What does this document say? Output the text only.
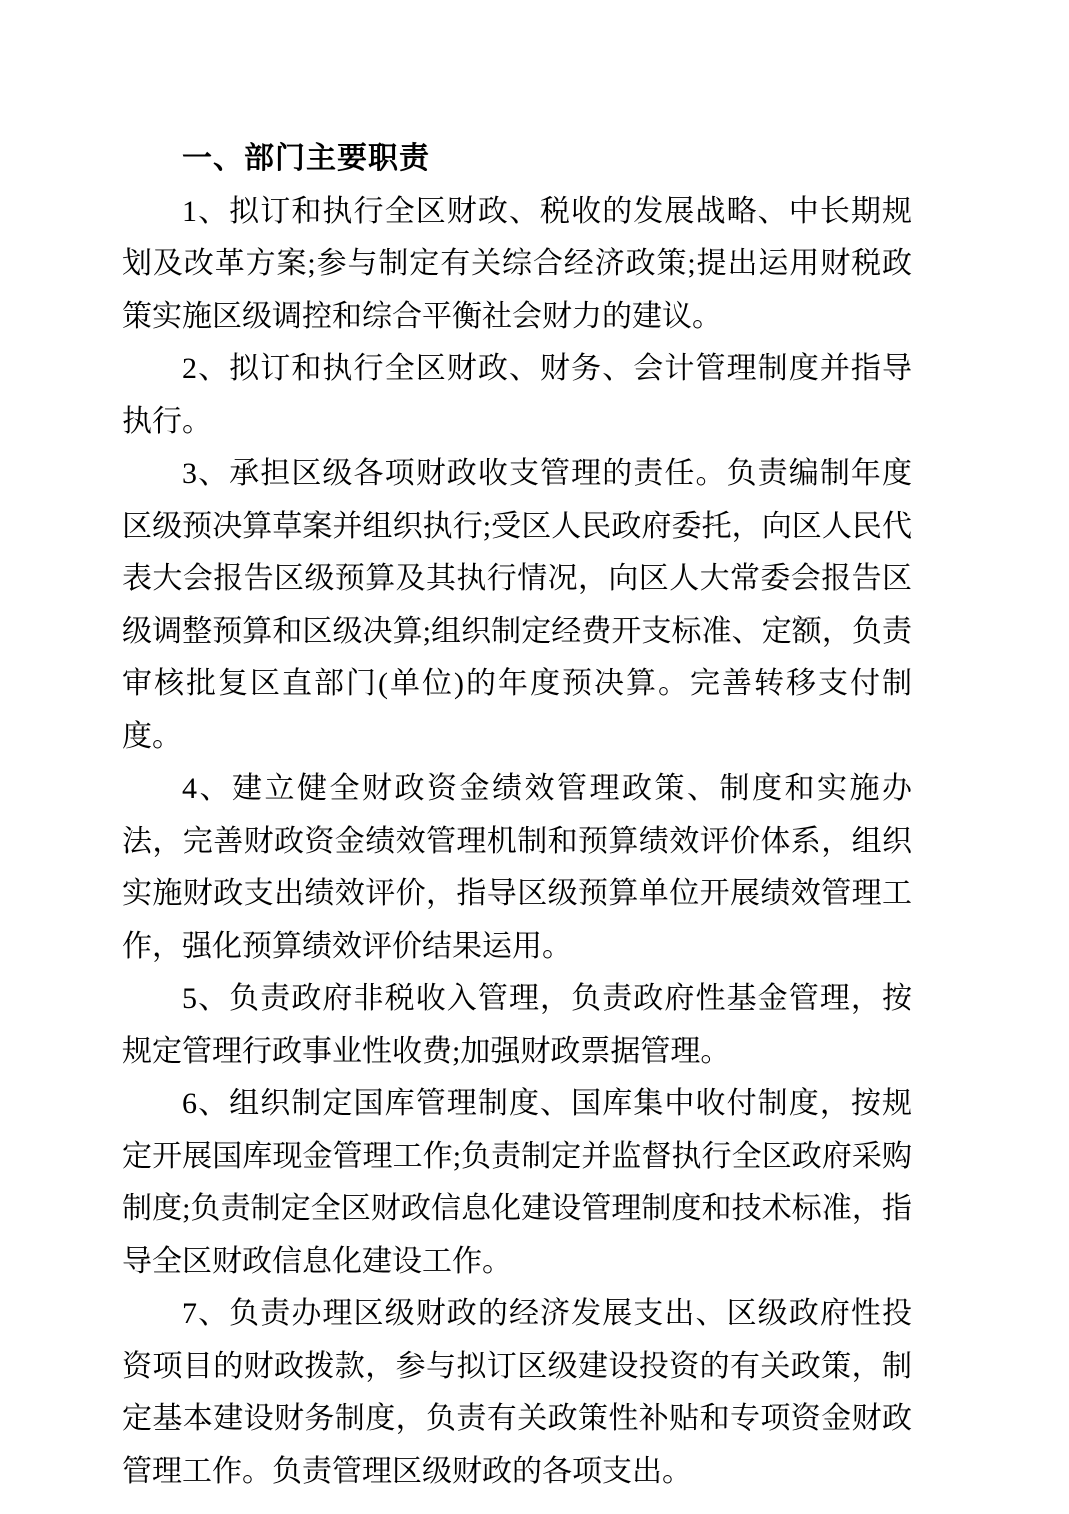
一、部门主要职责

1、拟订和执行全区财政、税收的发展战略、中长期规划及改革方案;参与制定有关综合经济政策;提出运用财税政策实施区级调控和综合平衡社会财力的建议。

2、拟订和执行全区财政、财务、会计管理制度并指导执行。

3、承担区级各项财政收支管理的责任。负责编制年度区级预决算草案并组织执行;受区人民政府委托，向区人民代表大会报告区级预算及其执行情况，向区人大常委会报告区级调整预算和区级决算;组织制定经费开支标准、定额，负责审核批复区直部门(单位)的年度预决算。完善转移支付制度。

4、建立健全财政资金绩效管理政策、制度和实施办法，完善财政资金绩效管理机制和预算绩效评价体系，组织实施财政支出绩效评价，指导区级预算单位开展绩效管理工作，强化预算绩效评价结果运用。

5、负责政府非税收入管理，负责政府性基金管理，按规定管理行政事业性收费;加强财政票据管理。

6、组织制定国库管理制度、国库集中收付制度，按规定开展国库现金管理工作;负责制定并监督执行全区政府采购制度;负责制定全区财政信息化建设管理制度和技术标准，指导全区财政信息化建设工作。

7、负责办理区级财政的经济发展支出、区级政府性投资项目的财政拨款，参与拟订区级建设投资的有关政策，制定基本建设财务制度，负责有关政策性补贴和专项资金财政管理工作。负责管理区级财政的各项支出。
